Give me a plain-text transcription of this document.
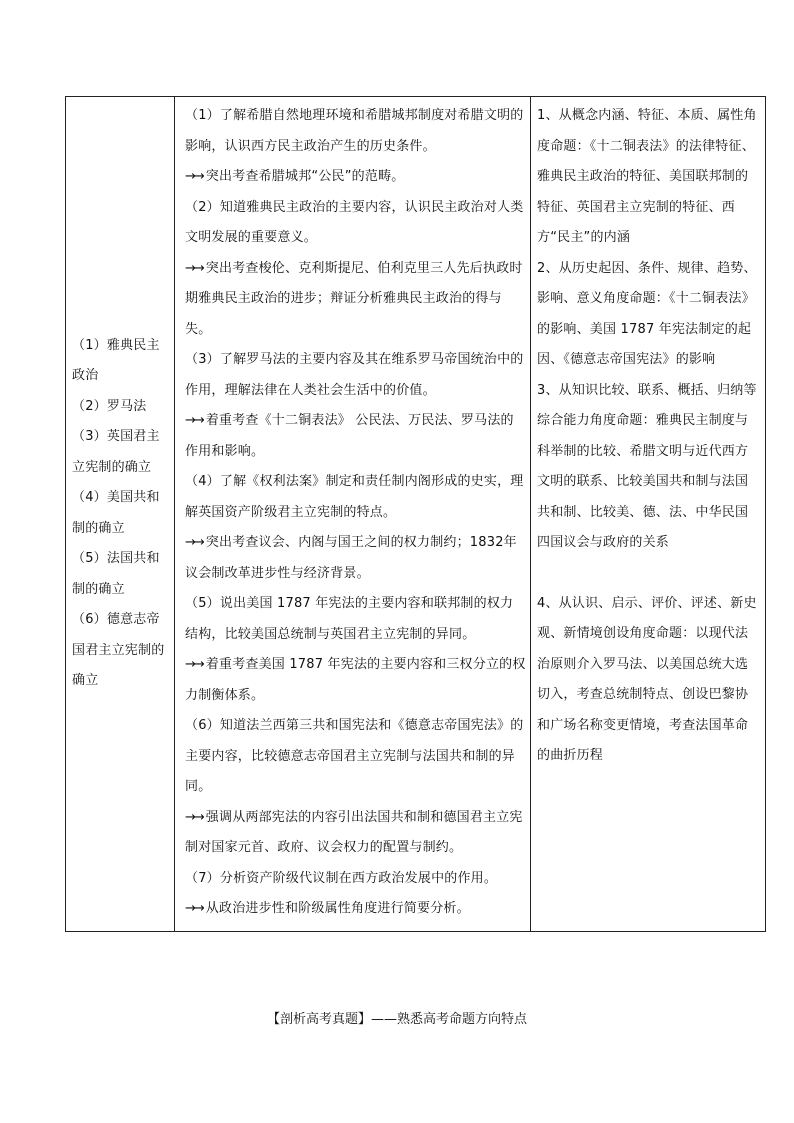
（1）雅典民主政治
（2）罗马法
（3）英国君主立宪制的确立
（4）美国共和制的确立
（5）法国共和制的确立
（6）德意志帝国君主立宪制的确立

（1）了解希腊自然地理环境和希腊城邦制度对希腊文明的影响，认识西方民主政治产生的历史条件。
→→ 突出考查希腊城邦“公民”的范畴。
（2）知道雅典民主政治的主要内容，认识民主政治对人类文明发展的重要意义。
→→ 突出考查梭伦、克利斯提尼、伯利克里三人先后执政时期雅典民主政治的进步；辩证分析雅典民主政治的得与失。
（3）了解罗马法的主要内容及其在维系罗马帝国统治中的作用，理解法律在人类社会生活中的价值。
→→ 着重考查《十二铜表法》 公民法、万民法、罗马法的作用和影响。
（4）了解《权利法案》制定和责任制内阁形成的史实，理解英国资产阶级君主立宪制的特点。
→→ 突出考查议会、内阁与国王之间的权力制约；1832年议会制改革进步性与经济背景。
（5）说出美国 1787 年宪法的主要内容和联邦制的权力结构，比较美国总统制与英国君主立宪制的异同。
→→ 着重考查美国 1787 年宪法的主要内容和三权分立的权力制衡体系。
（6）知道法兰西第三共和国宪法和《德意志帝国宪法》的主要内容，比较德意志帝国君主立宪制与法国共和制的异同。
→→ 强调从两部宪法的内容引出法国共和制和德国君主立宪制对国家元首、政府、议会权力的配置与制约。
（7）分析资产阶级代议制在西方政治发展中的作用。
→→ 从政治进步性和阶级属性角度进行简要分析。

1、从概念内涵、特征、本质、属性角度命题：《十二铜表法》的法律特征、雅典民主政治的特征、美国联邦制的特征、英国君主立宪制的特征、西方“民主”的内涵
2、从历史起因、条件、规律、趋势、影响、意义角度命题：《十二铜表法》的影响、美国 1787 年宪法制定的起因、《德意志帝国宪法》的影响
3、从知识比较、联系、概括、归纳等综合能力角度命题：雅典民主制度与科举制的比较、希腊文明与近代西方文明的联系、比较美国共和制与法国共和制、比较美、德、法、中华民国四国议会与政府的关系
4、从认识、启示、评价、评述、新史观、新情境创设角度命题：以现代法治原则介入罗马法、以美国总统大选切入，考查总统制特点、创设巴黎协和广场名称变更情境，考查法国革命的曲折历程
【剖析高考真题】——熟悉高考命题方向特点
